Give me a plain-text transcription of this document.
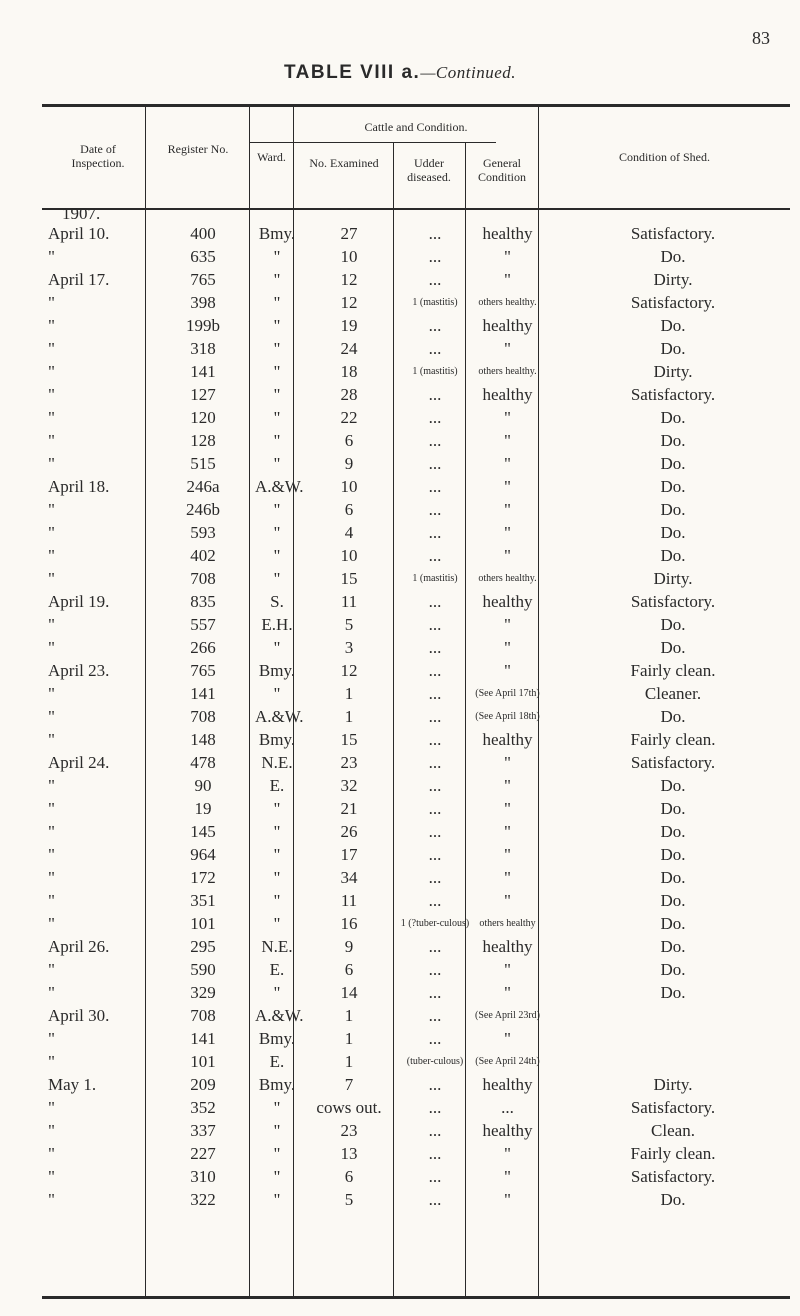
83
TABLE VIII a.—Continued.
Date of Inspection.
Register No.
Ward.
Cattle and Condition.
No. Examined	Udder diseased.
General Condition
Condition of Shed.
1907.
April 10.	400	Bmy.	27	...	healthy	Satisfactory.
"	635	"	10	...	"	Do.
April 17.	765	"	12	...	"	Dirty.
"	398	"	12	1 (mastitis)	others healthy.	Satisfactory.
"	199b	"	19	...	healthy	Do.
"	318	"	24	...	"	Do.
"	141	"	18	1 (mastitis)	others healthy.	Dirty.
"	127	"	28	...	healthy	Satisfactory.
"	120	"	22	...	"	Do.
"	128	"	6	...	"	Do.
"	515	"	9	...	"	Do.
April 18.	246a	A.&W.	10	...	"	Do.
"	246b	"	6	...	"	Do.
"	593	"	4	...	"	Do.
"	402	"	10	...	"	Do.
"	708	"	15	1 (mastitis)	others healthy.	Dirty.
April 19.	835	S.	11	...	healthy	Satisfactory.
"	557	E.H.	5	...	"	Do.
"	266	"	3	...	"	Do.
April 23.	765	Bmy.	12	...	"	Fairly clean.
"	141	"	1	...	(See April 17th)	Cleaner.
"	708	A.&W.	1	...	(See April 18th)	Do.
"	148	Bmy.	15	...	healthy	Fairly clean.
April 24.	478	N.E.	23	...	"	Satisfactory.
"	90	E.	32	...	"	Do.
"	19	"	21	...	"	Do.
"	145	"	26	...	"	Do.
"	964	"	17	...	"	Do.
"	172	"	34	...	"	Do.
"	351	"	11	...	"	Do.
"	101	"	16	1 (?tuber-culous)	others healthy	Do.
April 26.	295	N.E.	9	...	healthy	Do.
"	590	E.	6	...	"	Do.
"	329	"	14	...	"	Do.
April 30.	708	A.&W.	1	...	(See April 23rd)	
"	141	Bmy.	1	...	"	
"	101	E.	1	(tuber-culous)	(See April 24th)	
May 1.	209	Bmy.	7	...	healthy	Dirty.
"	352	"	cows out.	...	...	Satisfactory.
"	337	"	23	...	healthy	Clean.
"	227	"	13	...	"	Fairly clean.
"	310	"	6	...	"	Satisfactory.
"	322	"	5	...	"	Do.
